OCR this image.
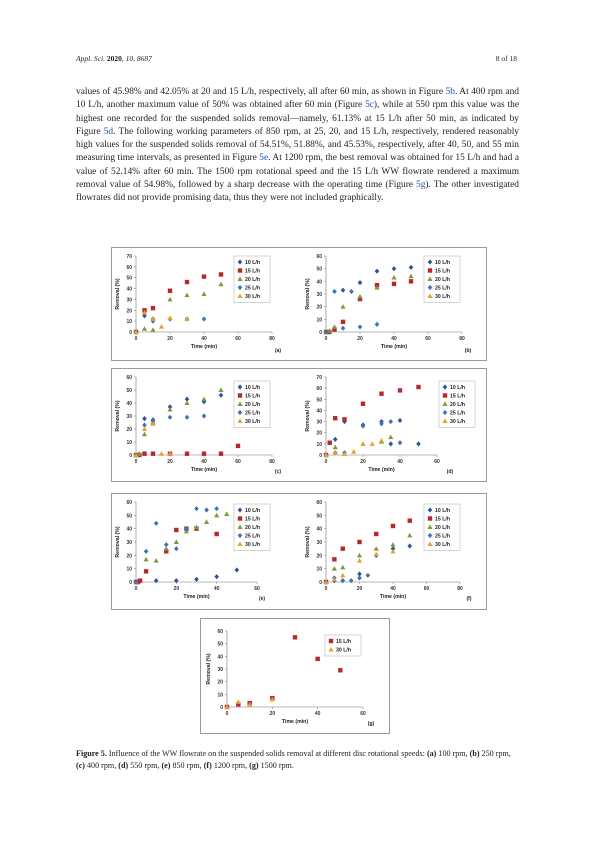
Appl. Sci. 2020, 10, 8687	8 of 18
values of 45.98% and 42.05% at 20 and 15 L/h, respectively, all after 60 min, as shown in Figure 5b. At 400 rpm and 10 L/h, another maximum value of 50% was obtained after 60 min (Figure 5c), while at 550 rpm this value was the highest one recorded for the suspended solids removal—namely, 61.13% at 15 L/h after 50 min, as indicated by Figure 5d. The following working parameters of 850 rpm, at 25, 20, and 15 L/h, respectively, rendered reasonably high values for the suspended solids removal of 54.51%, 51.88%, and 45.53%, respectively, after 40, 50, and 55 min measuring time intervals, as presented in Figure 5e. At 1200 rpm, the best removal was obtained for 15 L/h and had a value of 52.14% after 60 min. The 1500 rpm rotational speed and the 15 L/h WW flowrate rendered a maximum removal value of 54.98%, followed by a sharp decrease with the operating time (Figure 5g). The other investigated flowrates did not provide promising data, thus they were not included graphically.
0
10
20
30
40
50
60
70
0	20	40	60	80
Time (min)
Removal (%)
(a)
10 L/h
15 L/h
20 L/h
25 L/h
30 L/h
0
10
20
30
40
50
60
0	20	40	60	80
Time (min)
Removal (%)
(b)
10 L/h
15 L/h
20 L/h
25 L/h
30 L/h
0
10
20
30
40
50
60
0	20	40	60	80
Time (min)
Removal (%)
(c)
10 L/h
15 L/h
20 L/h
25 L/h
30 L/h
0
10
20
30
40
50
60
70
0	20	40	60
Time (min)
Removal (%)
(d)
10 L/h
15 L/h
20 L/h
25 L/h
30 L/h
0
10
20
30
40
50
60
0	20	40	60
Time (min)
Removal (%)
(e)
10 L/h
15 L/h
20 L/h
25 L/h
30 L/h
0
10
20
30
40
50
60
0	20	40	60	80
Time (min)
Removal (%)
(f)
10 L/h
15 L/h
20 L/h
25 L/h
30 L/h
0
10
20
30
40
50
60
0	20	40	60
Time (min)
Removal (%)
(g)
15 L/h
30 L/h
Figure 5. Influence of the WW flowrate on the suspended solids removal at different disc rotational speeds: (a) 100 rpm, (b) 250 rpm, (c) 400 rpm, (d) 550 rpm, (e) 850 rpm, (f) 1200 rpm, (g) 1500 rpm.
